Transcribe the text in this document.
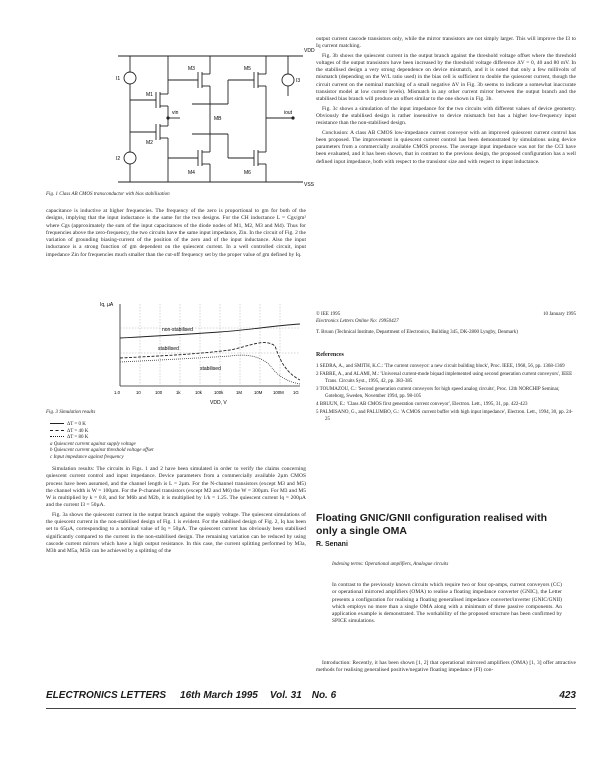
VDD
VSS
I1
I2
M1
M2
M3
M4
MB
M5
M6
iout
vin
I3
Fig. 1 Class AB CMOS transconductor with bias stabilisation

capacitance is inductive at higher frequencies. The frequency of the zero is proportional to gm for both of the designs, implying that the input inductance is the same for the two designs. For the CH inductance L = Cgs/gm² where Cgs (approximately the sum of the input capacitances of the diode nodes of M1, M2, M3 and M4). Thus for frequencies above the zero-frequency, the two circuits have the same input impedance, Zin. In the circuit of Fig. 2 the variation of grounding biasing-current of the position of the zero and of the input inductance. Also the input inductance is a strong function of gm dependent on the quiescent current. In a well controlled circuit, input impedance Zin for frequencies much smaller than the cut-off frequency set by the proper value of gm defined by Iq.

Iq, µA
non-stabilised
stabilised
stabilised
1.0	10	100	1k	10k	100k	1M	10M 100M 1G
VDD, V
Fig. 3 Simulation results
ΔT = 0 K
ΔT = 40 K
ΔT = 80 K
a Quiescent current against supply voltage
b Quiescent current against threshold voltage offset
c Input impedance against frequency

Simulation results: The circuits in Figs. 1 and 2 have been simulated in order to verify the claims concerning quiescent current control and input impedance. Device parameters from a commercially available 2µm CMOS process have been assumed, and the channel length is L = 2µm. For the N-channel transistors (except M3 and M5) the channel width is W = 100µm. For the P-channel transistors (except M2 and M6) the W = 300µm. For M3 and M5 W is multiplied by k = 0.8, and for M6b and M2b, it is multiplied by 1/k = 1.25. The quiescent current Iq = 200µA and the current I3 = 50µA.

Fig. 3a shows the quiescent current in the output branch against the supply voltage. The quiescent simulations of the quiescent current in the non-stabilised design of Fig. 1 is evident. For the stabilised design of Fig. 2, Iq has been set to 65µA, corresponding to a nominal value of Iq = 50µA. The quiescent current has obviously been stabilised significantly compared to the current in the non-stabilised design. The remaining variation can be reduced by using cascode current mirrors which have a high output resistance. In this case, the current splitting performed by M3a, M3b and M5a, M5b can be achieved by a splitting of the

output current cascode transistors only, while the mirror transistors are not simply larger. This will improve the I3 to Iq current matching.

Fig. 3b shows the quiescent current in the output branch against the threshold voltage offset where the threshold voltages of the output transistors have been increased by the threshold voltage difference ΔV = 0, 40 and 80 mV. In the stabilised design a very strong dependence on device mismatch, and it is noted that only a few millivolts of mismatch (depending on the W/L ratio used) in the bias cell is sufficient to double the quiescent current, though the circuit current on the nominal matching of a small negative ΔV in Fig. 3b seems to indicate a somewhat inaccurate transistor model at low current levels). Mismatch in any other current mirror between the output branch and the stabilised bias branch will produce an offset similar to the one shown in Fig. 3b.

Fig. 3c shows a simulation of the input impedance for the two circuits with different values of device geometry. Obviously the stabilised design is rather insensitive to device mismatch but has a higher low-frequency input resistance than the non-stabilised design.

Conclusion: A class AB CMOS low-impedance current conveyor with an improved quiescent current control has been proposed. The improvement in quiescent current control has been demonstrated by simulations using device parameters from a commercially available CMOS process. The average input impedance was not for the CCI have been evaluated, and it has been shown, that in contrast to the previous design, the proposed configuration has a well defined input impedance, both with respect to the transistor size and with respect to input inductance.

© IEE 1995	10 January 1995
Electronics Letters Online No: 19950427
T. Bruun (Technical Institute, Department of Electronics, Building 345, DK-2800 Lyngby, Denmark)
References
1 SEDRA, A., and SMITH, K.C.: 'The current conveyor: a new circuit building block', Proc. IEEE, 1968, 56, pp. 1368-1369
2 FABRE, A., and ALAMI, M.: 'Universal current-mode biquad implemented using second generation current conveyors', IEEE Trans. Circuits Syst., 1995, 42, pp. 383-385
3 TOUMAZOU, C.: 'Second generation current conveyors for high speed analog circuits', Proc. 12th NORCHIP Seminar, Goteborg, Sweden, November 1994, pp. 98-105
4 BRUUN, E.: 'Class AB CMOS first generation current conveyor', Electron. Lett., 1995, 31, pp. 422-423
5 PALMISANO, G., and PALUMBO, G.: 'A CMOS current buffer with high input impedance', Electron. Lett., 1994, 30, pp. 24-25
Floating GNIC/GNII configuration realised with only a single OMA
R. Senani
Indexing terms: Operational amplifiers, Analogue circuits

In contrast to the previously known circuits which require two or four op-amps, current conveyors (CC) or operational mirrored amplifiers (OMA) to realise a floating impedance converter (GNIC), the Letter presents a configuration for realising a floating generalised impedance converter/inverter (GNIC/GNII) which employs no more than a single OMA along with a minimum of three passive components. An application example is demonstrated. The workability of the proposed structure has been confirmed by SPICE simulations.

Introduction: Recently, it has been shown [1, 2] that operational mirrored amplifiers (OMA) [1, 3] offer attractive methods for realising generalised positive/negative floating impedance (FI) con-

ELECTRONICS LETTERS 16th March 1995 Vol. 31 No. 6	423
